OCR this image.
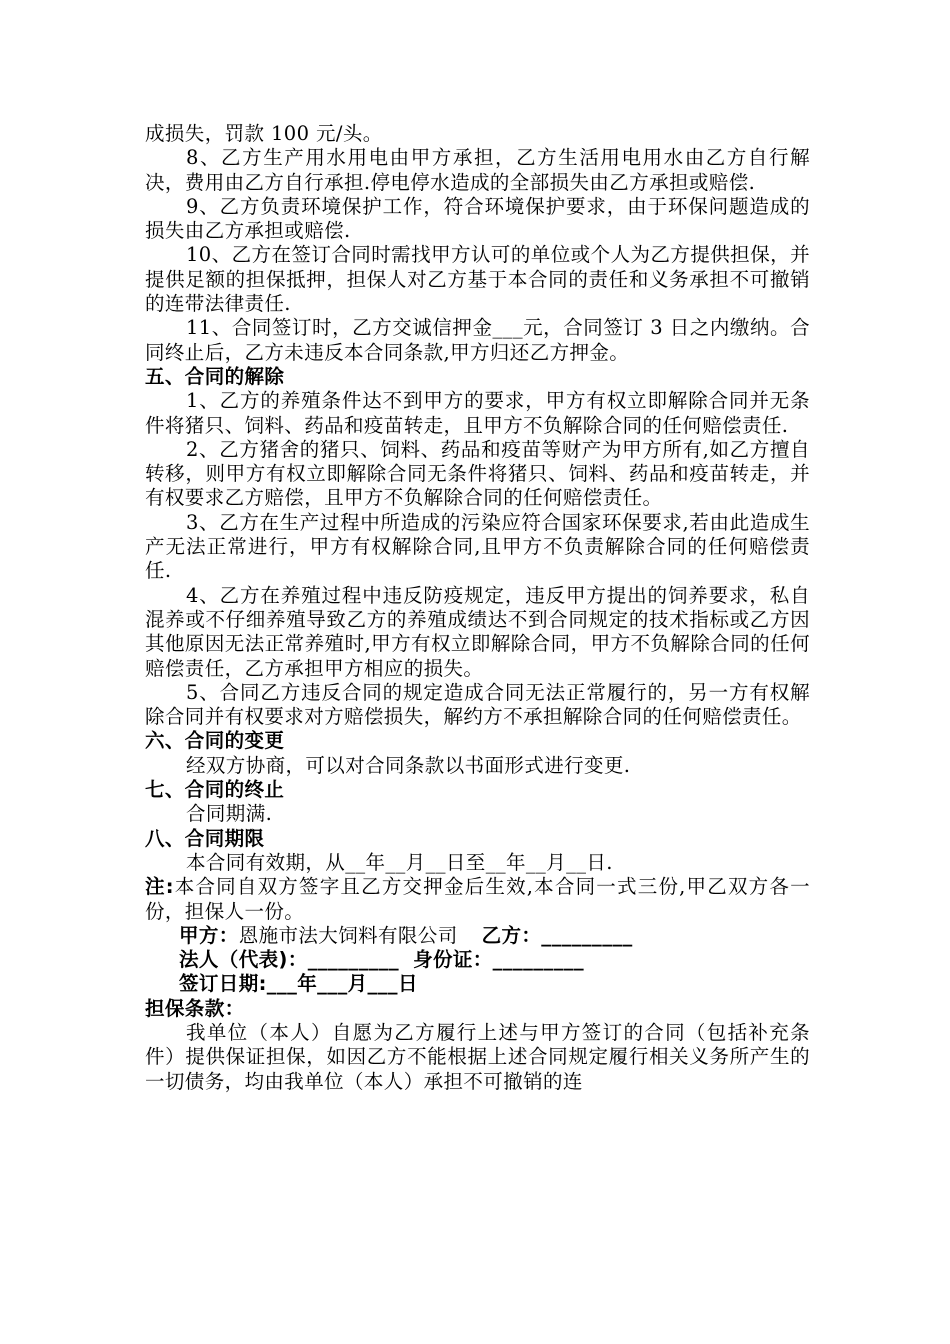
成损失，罚款 100 元/头。

8、乙方生产用水用电由甲方承担，乙方生活用电用水由乙方自行解决，费用由乙方自行承担.停电停水造成的全部损失由乙方承担或赔偿.

9、乙方负责环境保护工作，符合环境保护要求，由于环保问题造成的损失由乙方承担或赔偿.

10、乙方在签订合同时需找甲方认可的单位或个人为乙方提供担保，并提供足额的担保抵押，担保人对乙方基于本合同的责任和义务承担不可撤销的连带法律责任.

11、合同签订时，乙方交诚信押金___元，合同签订 3 日之内缴纳。合同终止后，乙方未违反本合同条款,甲方归还乙方押金。

五、合同的解除

1、乙方的养殖条件达不到甲方的要求，甲方有权立即解除合同并无条件将猪只、饲料、药品和疫苗转走，且甲方不负解除合同的任何赔偿责任.

2、乙方猪舍的猪只、饲料、药品和疫苗等财产为甲方所有,如乙方擅自转移，则甲方有权立即解除合同无条件将猪只、饲料、药品和疫苗转走，并有权要求乙方赔偿，且甲方不负解除合同的任何赔偿责任。

3、乙方在生产过程中所造成的污染应符合国家环保要求,若由此造成生产无法正常进行，甲方有权解除合同,且甲方不负责解除合同的任何赔偿责任.

4、乙方在养殖过程中违反防疫规定，违反甲方提出的饲养要求，私自混养或不仔细养殖导致乙方的养殖成绩达不到合同规定的技术指标或乙方因其他原因无法正常养殖时,甲方有权立即解除合同，甲方不负解除合同的任何赔偿责任，乙方承担甲方相应的损失。

5、合同乙方违反合同的规定造成合同无法正常履行的，另一方有权解除合同并有权要求对方赔偿损失，解约方不承担解除合同的任何赔偿责任。

六、合同的变更

经双方协商，可以对合同条款以书面形式进行变更.

七、合同的终止

合同期满.

八、合同期限

本合同有效期，从__年__月__日至__年__月__日.

注:本合同自双方签字且乙方交押金后生效,本合同一式三份,甲乙双方各一份，担保人一份。

甲方：恩施市法大饲料有限公司 乙方：_________

法人（代表)：_________ 身份证：_________

签订日期:___年___月___日

担保条款：

我单位（本人）自愿为乙方履行上述与甲方签订的合同（包括补充条件）提供保证担保，如因乙方不能根据上述合同规定履行相关义务所产生的一切债务，均由我单位（本人）承担不可撤销的连
